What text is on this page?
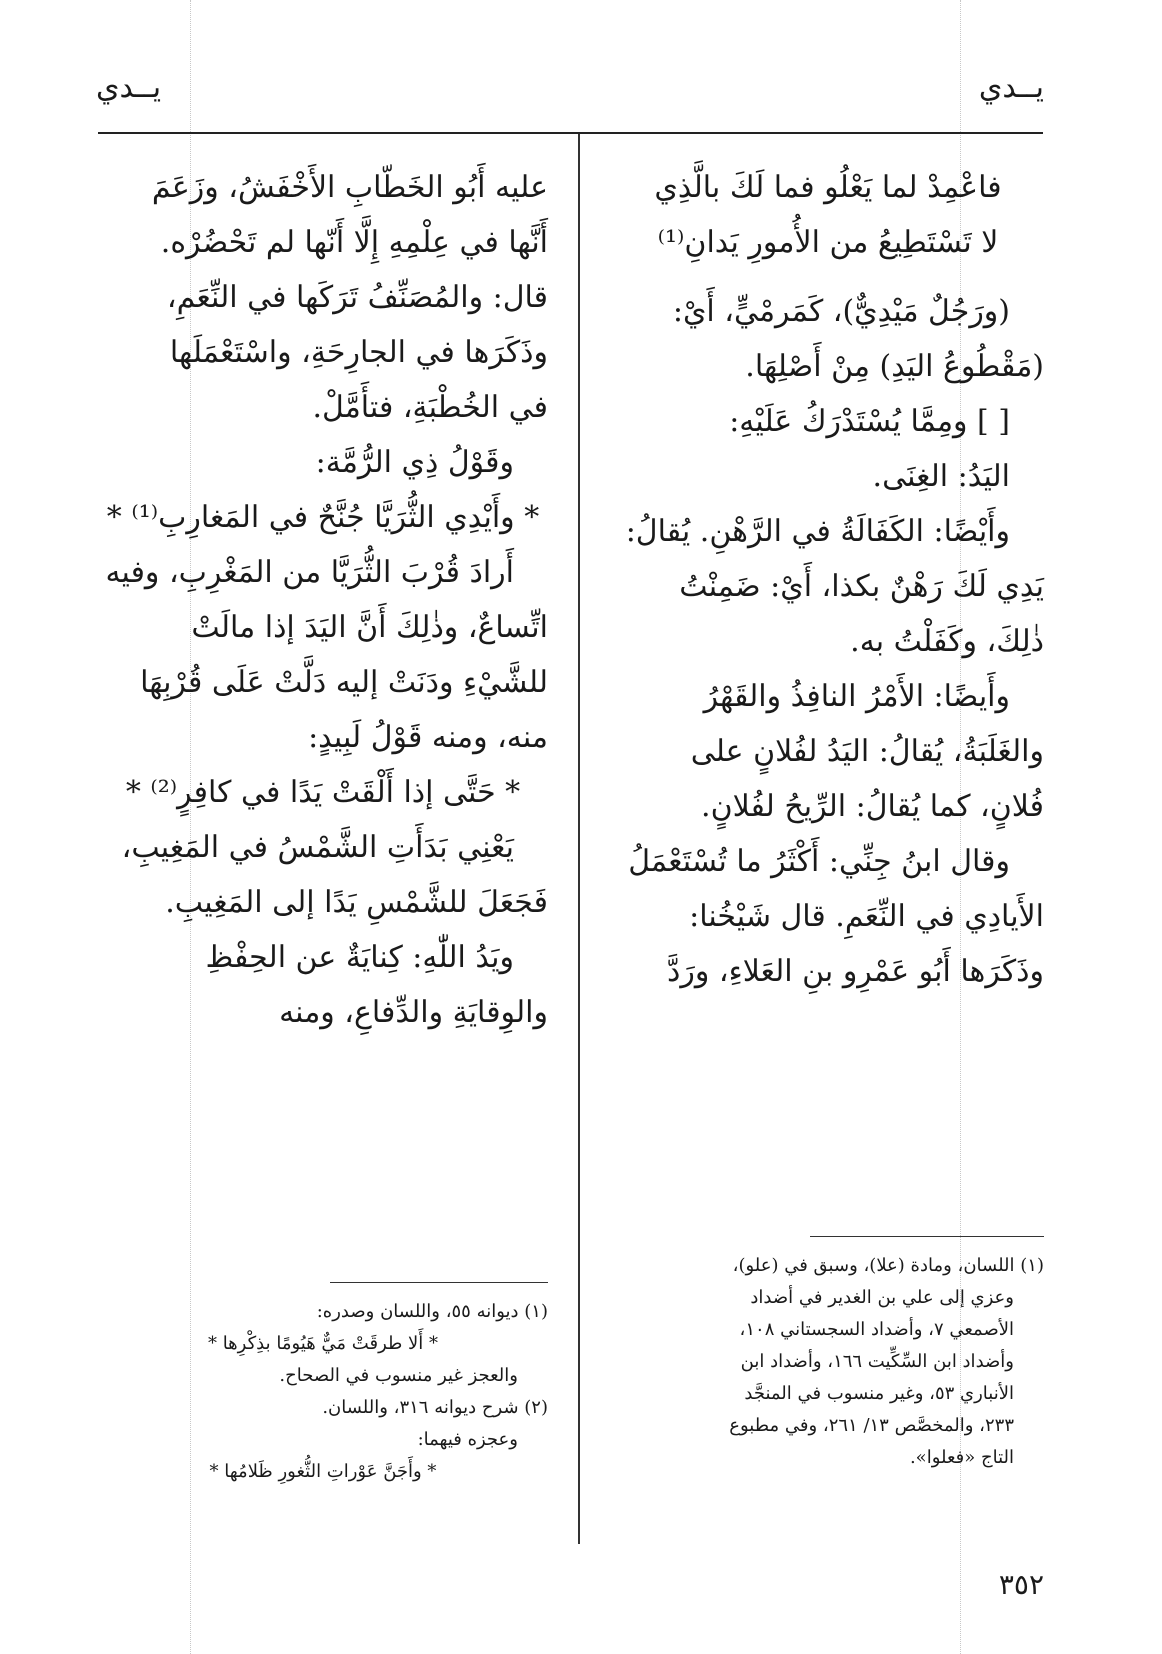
يــدي
يــدي
فاعْمِدْ لما يَعْلُو فما لَكَ بالَّذِي
لا تَسْتَطِيعُ من الأُمورِ يَدانِ⁽¹⁾
(ورَجُلٌ مَيْدِيٌّ)، كَمَرمْيٍّ، أَيْ:
(مَقْطُوعُ اليَدِ) مِنْ أَصْلِهَا.
[ ] ومِمَّا يُسْتَدْرَكُ عَلَيْهِ:
اليَدُ: الغِنَى.
وأَيْضًا: الكَفَالَةُ في الرَّهْنِ. يُقالُ:
يَدِي لَكَ رَهْنٌ بكذا، أَيْ: ضَمِنْتُ
ذٰلِكَ، وكَفَلْتُ به.
وأَيضًا: الأَمْرُ النافِذُ والقَهْرُ
والغَلَبَةُ، يُقالُ: اليَدُ لفُلانٍ على
فُلانٍ، كما يُقالُ: الرِّيحُ لفُلانٍ.
وقال ابنُ جِنِّي: أَكْثَرُ ما تُسْتَعْمَلُ
الأَيادِي في النِّعَمِ. قال شَيْخُنا:
وذَكَرَها أَبُو عَمْرِو بنِ العَلاءِ، ورَدَّ
عليه أَبُو الخَطّابِ الأَخْفَشُ، وزَعَمَ
أَنَّها في عِلْمِهِ إِلَّا أَنّها لم تَحْضُرْه.
قال: والمُصَنِّفُ تَرَكَها في النِّعَمِ،
وذَكَرَها في الجارِحَةِ، واسْتَعْمَلَها
في الخُطْبَةِ، فتأَمَّلْ.
وقَوْلُ ذِي الرُّمَّة:
* وأَيْدِي الثُّرَيَّا جُنَّحٌ في المَغارِبِ⁽¹⁾ *
أَرادَ قُرْبَ الثُّرَيَّا من المَغْرِبِ، وفيه
اتِّساعٌ، وذٰلِكَ أَنَّ اليَدَ إذا مالَتْ
للشَّيْءِ ودَنَتْ إليه دَلَّتْ عَلَى قُرْبِهَا
منه، ومنه قَوْلُ لَبِيدٍ:
* حَتَّى إذا أَلْقَتْ يَدًا في كافِرٍ⁽²⁾ *
يَعْنِي بَدَأَتِ الشَّمْسُ في المَغِيبِ،
فَجَعَلَ للشَّمْسِ يَدًا إلى المَغِيبِ.
ويَدُ اللّٰهِ: كِنايَةٌ عن الحِفْظِ
والوِقايَةِ والدِّفاعِ، ومنه
(١) اللسان، ومادة (علا)، وسبق في (علو)،
وعزي إلى علي بن الغدير في أضداد
الأصمعي ٧، وأضداد السجستاني ١٠٨،
وأضداد ابن السِّكِّيت ١٦٦، وأضداد ابن
الأنباري ٥٣، وغير منسوب في المنجَّد
٢٣٣، والمخصَّص ١٣/ ٢٦١، وفي مطبوع
التاج «فعلوا».
(١) ديوانه ٥٥، واللسان وصدره:
* أَلا طرقَتْ مَيٌّ هَيُومًا بذِكْرِها *
والعجز غير منسوب في الصحاح.
(٢) شرح ديوانه ٣١٦، واللسان.
وعجزه فيهما:
* وأَجَنَّ عَوْراتِ الثُّغورِ ظَلامُها *
٣٥٢
